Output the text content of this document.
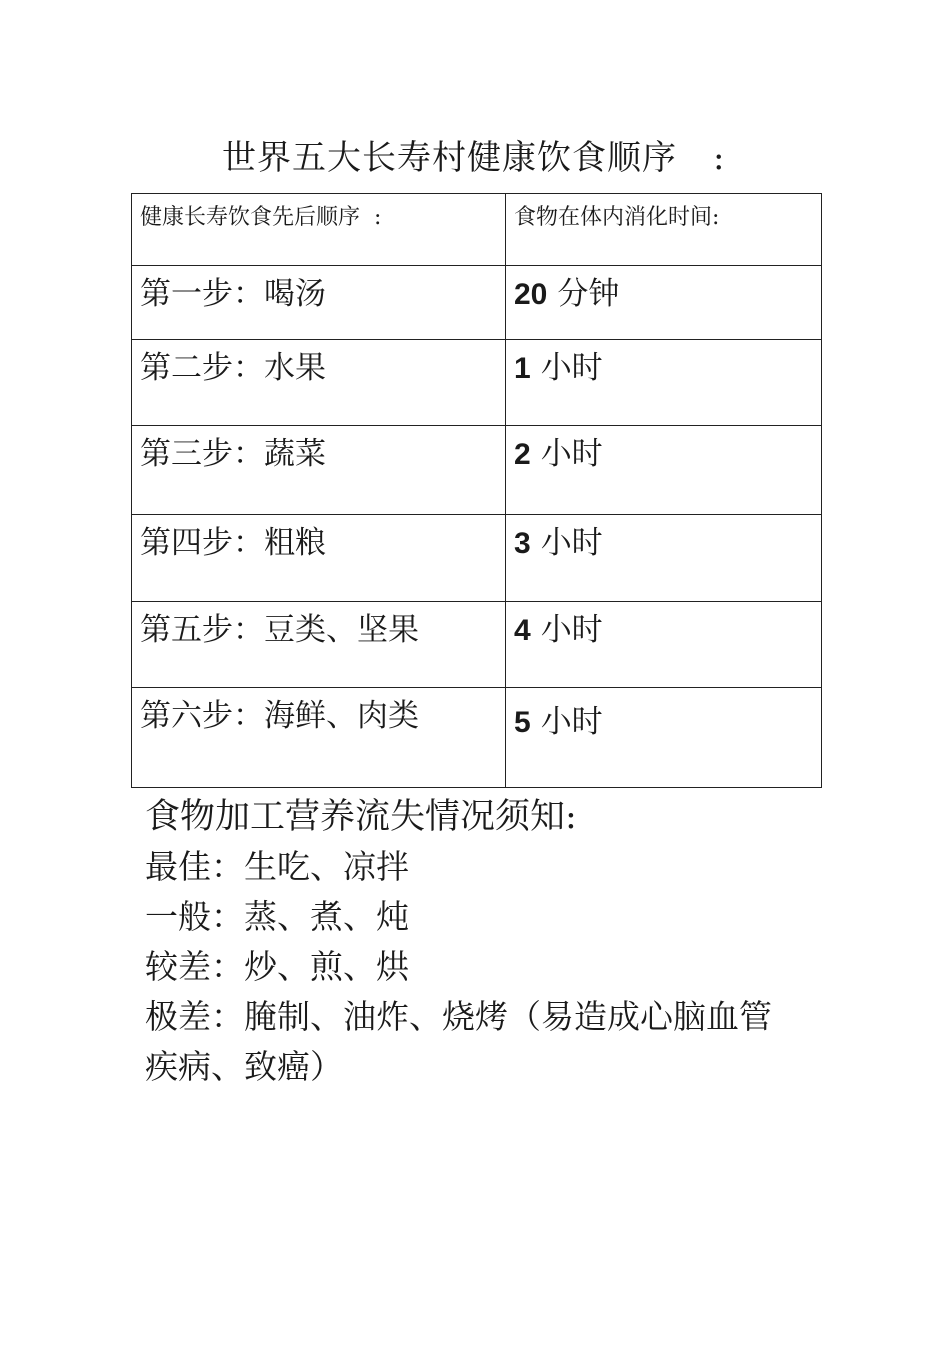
世界五大长寿村健康饮食顺序 :
健康长寿饮食先后顺序 :	食物在体内消化时间:
第一步：喝汤	20 分钟
第二步：水果	1 小时
第三步：蔬菜	2 小时
第四步：粗粮	3 小时
第五步：豆类、坚果	4 小时
第六步：海鲜、肉类	5 小时
食物加工营养流失情况须知:
最佳：生吃、凉拌
一般：蒸、煮、炖
较差：炒、煎、烘
极差：腌制、油炸、烧烤（易造成心脑血管
疾病、致癌）
